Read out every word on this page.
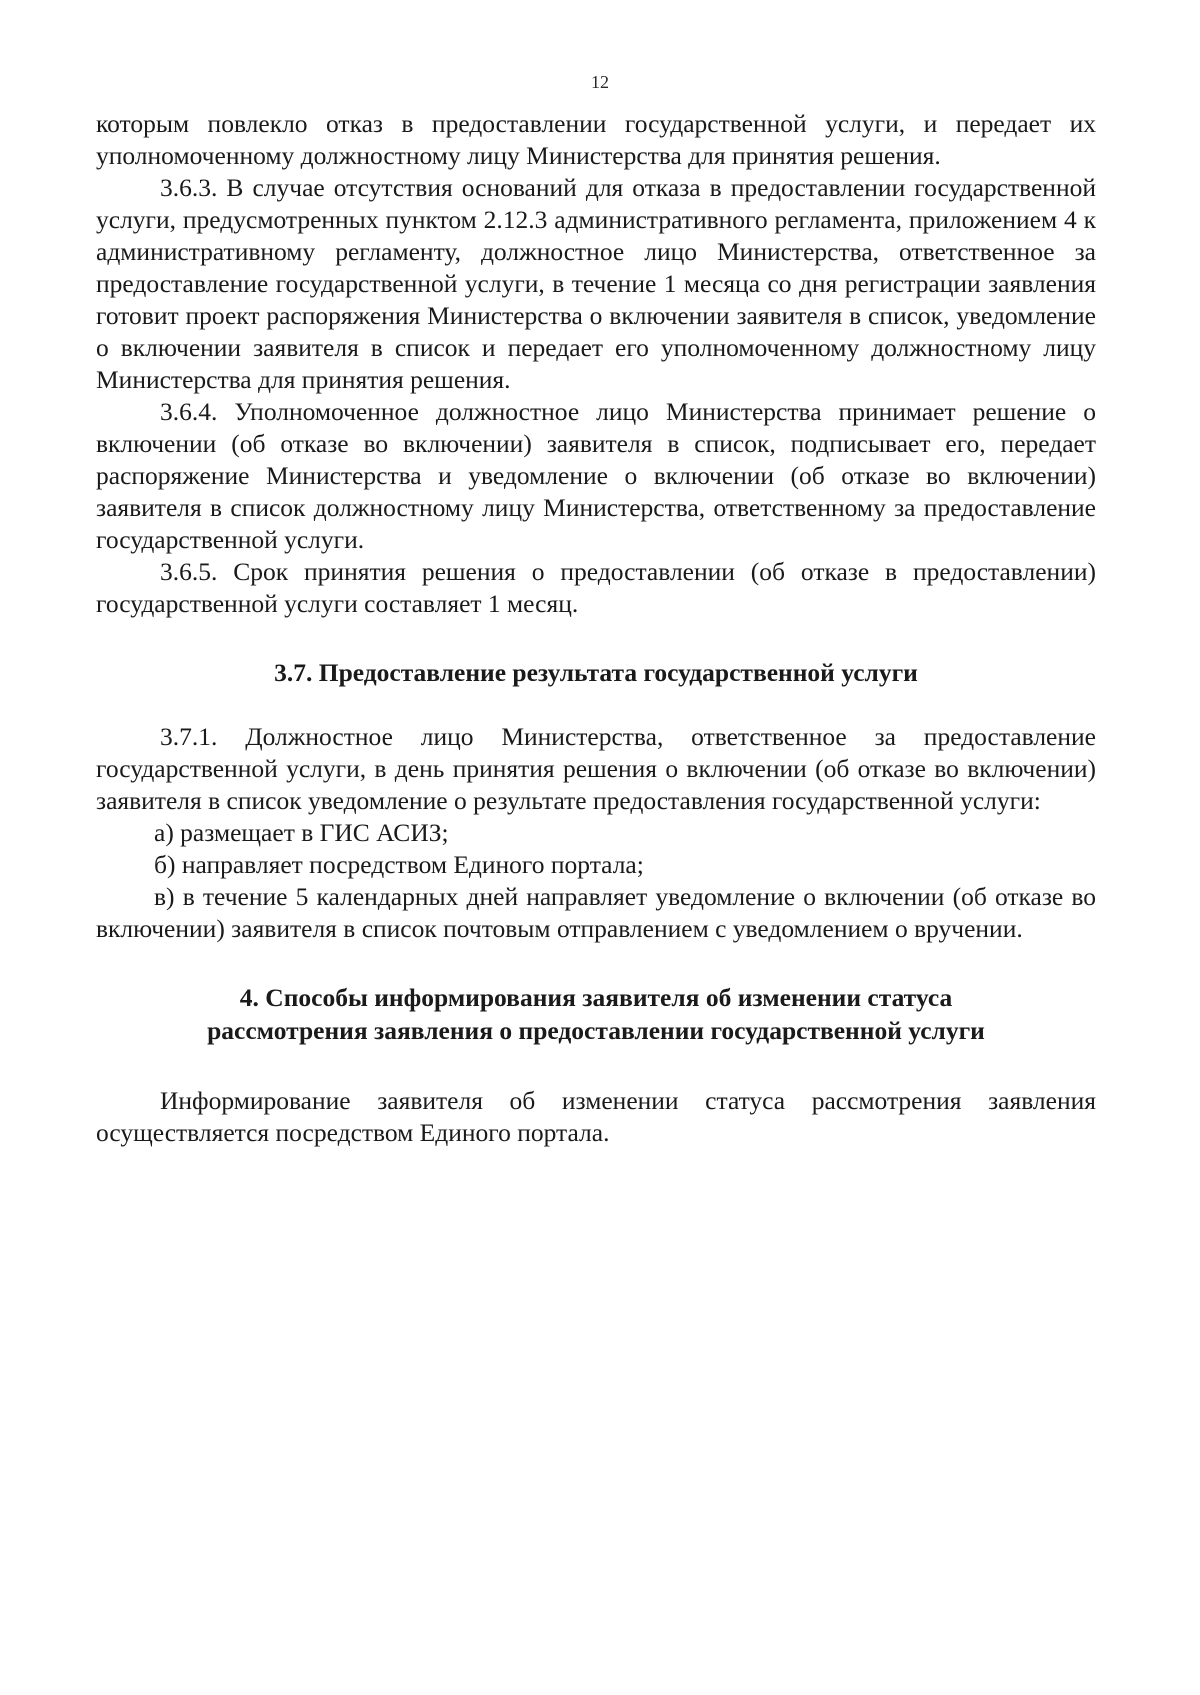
12

которым повлекло отказ в предоставлении государственной услуги, и передает их уполномоченному должностному лицу Министерства для принятия решения.

3.6.3. В случае отсутствия оснований для отказа в предоставлении государственной услуги, предусмотренных пунктом 2.12.3 административного регламента, приложением 4 к административному регламенту, должностное лицо Министерства, ответственное за предоставление государственной услуги, в течение 1 месяца со дня регистрации заявления готовит проект распоряжения Министерства о включении заявителя в список, уведомление о включении заявителя в список и передает его уполномоченному должностному лицу Министерства для принятия решения.

3.6.4. Уполномоченное должностное лицо Министерства принимает решение о включении (об отказе во включении) заявителя в список, подписывает его, передает распоряжение Министерства и уведомление о включении (об отказе во включении) заявителя в список должностному лицу Министерства, ответственному за предоставление государственной услуги.

3.6.5. Срок принятия решения о предоставлении (об отказе в предоставлении) государственной услуги составляет 1 месяц.

3.7. Предоставление результата государственной услуги

3.7.1. Должностное лицо Министерства, ответственное за предоставление государственной услуги, в день принятия решения о включении (об отказе во включении) заявителя в список уведомление о результате предоставления государственной услуги:

а) размещает в ГИС АСИЗ;

б) направляет посредством Единого портала;

в) в течение 5 календарных дней направляет уведомление о включении (об отказе во включении) заявителя в список почтовым отправлением с уведомлением о вручении.

4. Способы информирования заявителя об изменении статуса
рассмотрения заявления о предоставлении государственной услуги

Информирование заявителя об изменении статуса рассмотрения заявления осуществляется посредством Единого портала.
